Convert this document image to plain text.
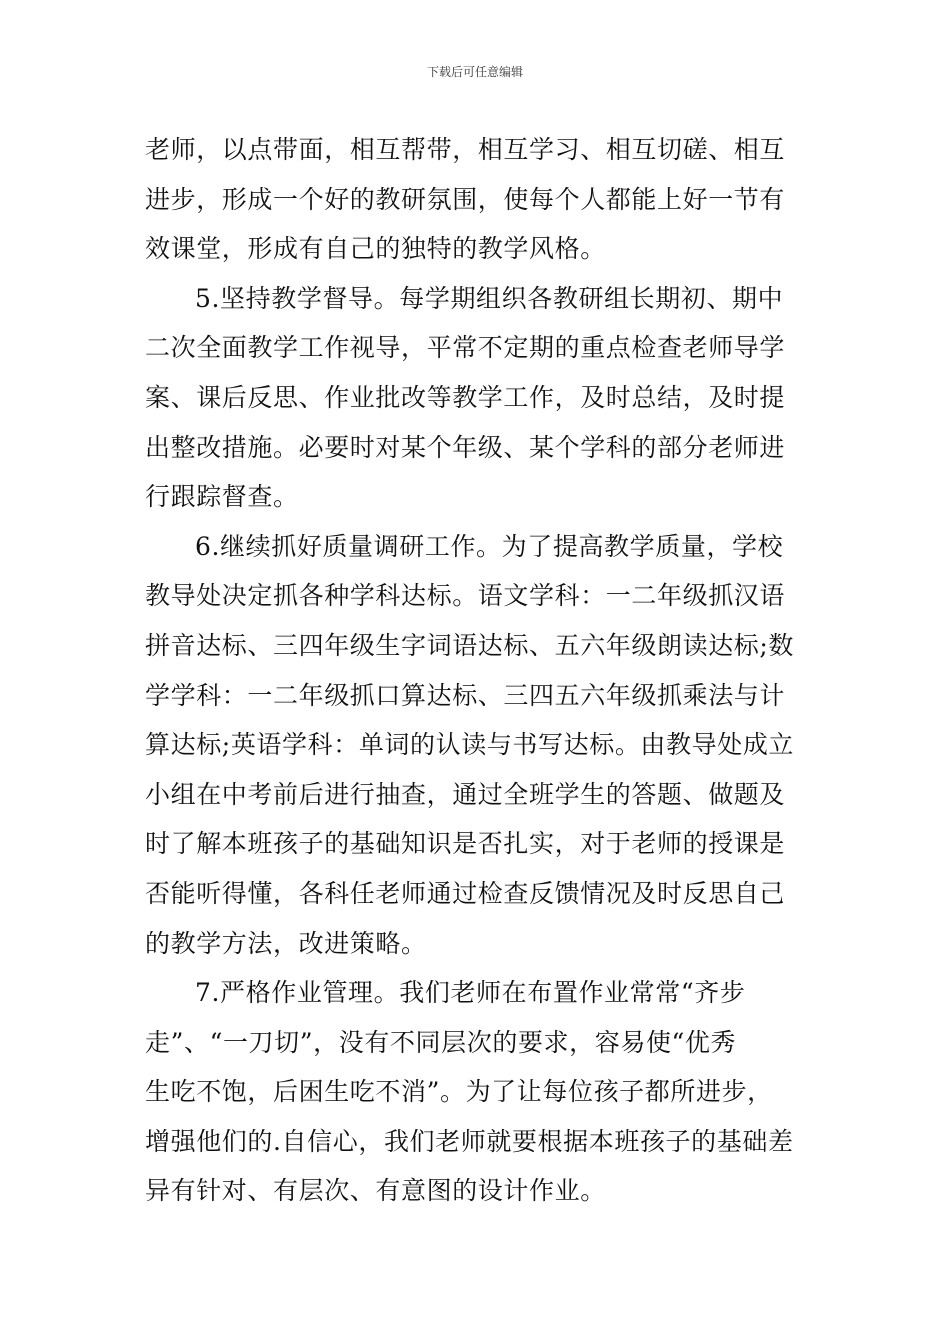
下载后可任意编辑
老师，以点带面，相互帮带，相互学习、相互切磋、相互
进步，形成一个好的教研氛围，使每个人都能上好一节有
效课堂，形成有自己的独特的教学风格。
5.坚持教学督导。每学期组织各教研组长期初、期中
二次全面教学工作视导，平常不定期的重点检查老师导学
案、课后反思、作业批改等教学工作，及时总结，及时提
出整改措施。必要时对某个年级、某个学科的部分老师进
行跟踪督查。
6.继续抓好质量调研工作。为了提高教学质量，学校
教导处决定抓各种学科达标。语文学科：一二年级抓汉语
拼音达标、三四年级生字词语达标、五六年级朗读达标;数
学学科：一二年级抓口算达标、三四五六年级抓乘法与计
算达标;英语学科：单词的认读与书写达标。由教导处成立
小组在中考前后进行抽查，通过全班学生的答题、做题及
时了解本班孩子的基础知识是否扎实，对于老师的授课是
否能听得懂，各科任老师通过检查反馈情况及时反思自己
的教学方法，改进策略。
7.严格作业管理。我们老师在布置作业常常“齐步
走”、“一刀切”，没有不同层次的要求，容易使“优秀
生吃不饱，后困生吃不消”。为了让每位孩子都所进步，
增强他们的.自信心，我们老师就要根据本班孩子的基础差
异有针对、有层次、有意图的设计作业。
